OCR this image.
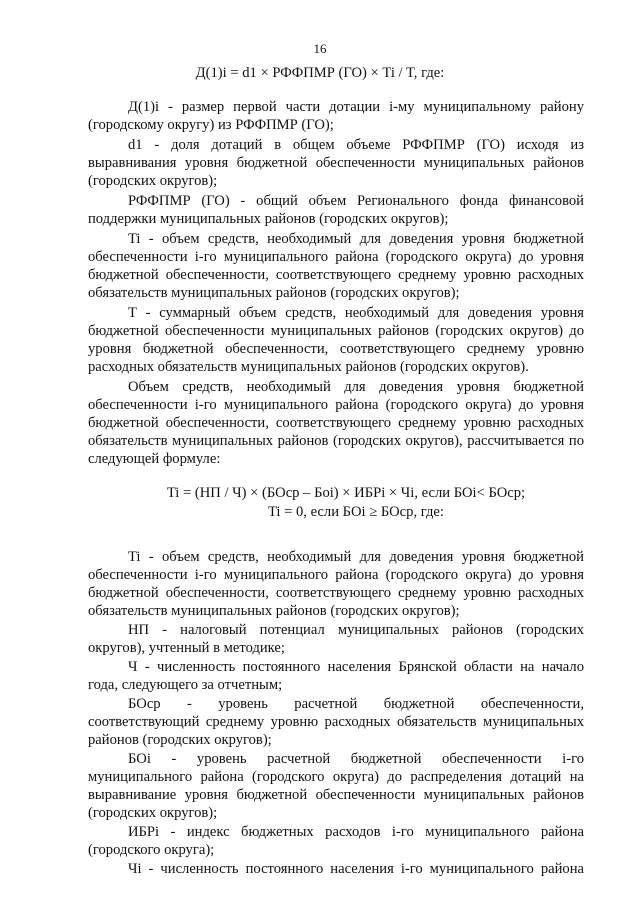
16
Д(1)i = d1 × РФФПМР (ГО) × Ti / T, где:

Д(1)i - размер первой части дотации i-му муниципальному району (городскому округу) из РФФПМР (ГО);

d1 - доля дотаций в общем объеме РФФПМР (ГО) исходя из выравнивания уровня бюджетной обеспеченности муниципальных районов (городских округов);

РФФПМР (ГО) - общий объем Регионального фонда финансовой поддержки муниципальных районов (городских округов);

Ti - объем средств, необходимый для доведения уровня бюджетной обеспеченности i-го муниципального района (городского округа) до уровня бюджетной обеспеченности, соответствующего среднему уровню расходных обязательств муниципальных районов (городских округов);

Т - суммарный объем средств, необходимый для доведения уровня бюджетной обеспеченности муниципальных районов (городских округов) до уровня бюджетной обеспеченности, соответствующего среднему уровню расходных обязательств муниципальных районов (городских округов).

Объем средств, необходимый для доведения уровня бюджетной обеспеченности i-го муниципального района (городского округа) до уровня бюджетной обеспеченности, соответствующего среднему уровню расходных обязательств муниципальных районов (городских округов), рассчитывается по следующей формуле:

Ti = (НП / Ч) × (БОср – Боi) × ИБРi × Чi, если БОi< БОср;
Ti = 0, если БОi ≥ БОср, где:

Ti - объем средств, необходимый для доведения уровня бюджетной обеспеченности i-го муниципального района (городского округа) до уровня бюджетной обеспеченности, соответствующего среднему уровню расходных обязательств муниципальных районов (городских округов);

НП - налоговый потенциал муниципальных районов (городских округов), учтенный в методике;

Ч - численность постоянного населения Брянской области на начало года, следующего за отчетным;

БОср - уровень расчетной бюджетной обеспеченности, соответствующий среднему уровню расходных обязательств муниципальных районов (городских округов);

БОi - уровень расчетной бюджетной обеспеченности i-го муниципального района (городского округа) до распределения дотаций на выравнивание уровня бюджетной обеспеченности муниципальных районов (городских округов);

ИБРi - индекс бюджетных расходов i-го муниципального района (городского округа);

Чi - численность постоянного населения i-го муниципального района
